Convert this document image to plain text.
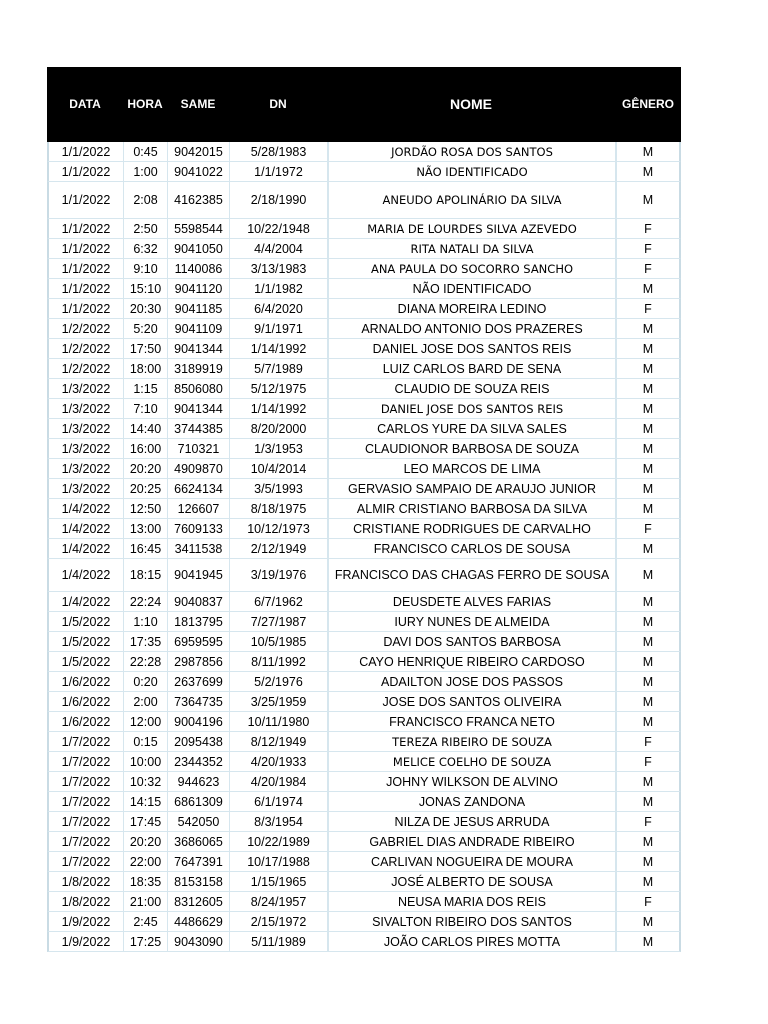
DATA	HORA	SAME	DN	NOME	GÊNERO
1/1/2022	0:45	9042015	5/28/1983	JORDÃO ROSA DOS SANTOS	M
1/1/2022	1:00	9041022	1/1/1972	NÃO IDENTIFICADO	M
1/1/2022	2:08	4162385	2/18/1990	ANEUDO APOLINÁRIO DA SILVA	M
1/1/2022	2:50	5598544	10/22/1948	MARIA DE LOURDES SILVA AZEVEDO	F
1/1/2022	6:32	9041050	4/4/2004	RITA NATALI DA SILVA	F
1/1/2022	9:10	1140086	3/13/1983	ANA PAULA DO SOCORRO SANCHO	F
1/1/2022	15:10	9041120	1/1/1982	NÃO IDENTIFICADO	M
1/1/2022	20:30	9041185	6/4/2020	DIANA MOREIRA LEDINO	F
1/2/2022	5:20	9041109	9/1/1971	ARNALDO ANTONIO DOS PRAZERES	M
1/2/2022	17:50	9041344	1/14/1992	DANIEL JOSE DOS SANTOS REIS	M
1/2/2022	18:00	3189919	5/7/1989	LUIZ CARLOS BARD DE SENA	M
1/3/2022	1:15	8506080	5/12/1975	CLAUDIO DE SOUZA REIS	M
1/3/2022	7:10	9041344	1/14/1992	DANIEL JOSE DOS SANTOS REIS	M
1/3/2022	14:40	3744385	8/20/2000	CARLOS YURE DA SILVA SALES	M
1/3/2022	16:00	710321	1/3/1953	CLAUDIONOR BARBOSA DE SOUZA	M
1/3/2022	20:20	4909870	10/4/2014	LEO MARCOS DE LIMA	M
1/3/2022	20:25	6624134	3/5/1993	GERVASIO SAMPAIO DE ARAUJO JUNIOR	M
1/4/2022	12:50	126607	8/18/1975	ALMIR CRISTIANO BARBOSA DA SILVA	M
1/4/2022	13:00	7609133	10/12/1973	CRISTIANE RODRIGUES DE CARVALHO	F
1/4/2022	16:45	3411538	2/12/1949	FRANCISCO CARLOS DE SOUSA	M
1/4/2022	18:15	9041945	3/19/1976	FRANCISCO DAS CHAGAS FERRO DE SOUSA	M
1/4/2022	22:24	9040837	6/7/1962	DEUSDETE ALVES FARIAS	M
1/5/2022	1:10	1813795	7/27/1987	IURY NUNES DE ALMEIDA	M
1/5/2022	17:35	6959595	10/5/1985	DAVI DOS SANTOS BARBOSA	M
1/5/2022	22:28	2987856	8/11/1992	CAYO HENRIQUE RIBEIRO CARDOSO	M
1/6/2022	0:20	2637699	5/2/1976	ADAILTON JOSE DOS PASSOS	M
1/6/2022	2:00	7364735	3/25/1959	JOSE DOS SANTOS OLIVEIRA	M
1/6/2022	12:00	9004196	10/11/1980	FRANCISCO FRANCA NETO	M
1/7/2022	0:15	2095438	8/12/1949	TEREZA RIBEIRO DE SOUZA	F
1/7/2022	10:00	2344352	4/20/1933	MELICE COELHO DE SOUZA	F
1/7/2022	10:32	944623	4/20/1984	JOHNY WILKSON DE ALVINO	M
1/7/2022	14:15	6861309	6/1/1974	JONAS ZANDONA	M
1/7/2022	17:45	542050	8/3/1954	NILZA DE JESUS ARRUDA	F
1/7/2022	20:20	3686065	10/22/1989	GABRIEL DIAS ANDRADE RIBEIRO	M
1/7/2022	22:00	7647391	10/17/1988	CARLIVAN NOGUEIRA DE MOURA	M
1/8/2022	18:35	8153158	1/15/1965	JOSÉ ALBERTO DE SOUSA	M
1/8/2022	21:00	8312605	8/24/1957	NEUSA MARIA DOS REIS	F
1/9/2022	2:45	4486629	2/15/1972	SIVALTON RIBEIRO DOS SANTOS	M
1/9/2022	17:25	9043090	5/11/1989	JOÃO CARLOS PIRES MOTTA	M
